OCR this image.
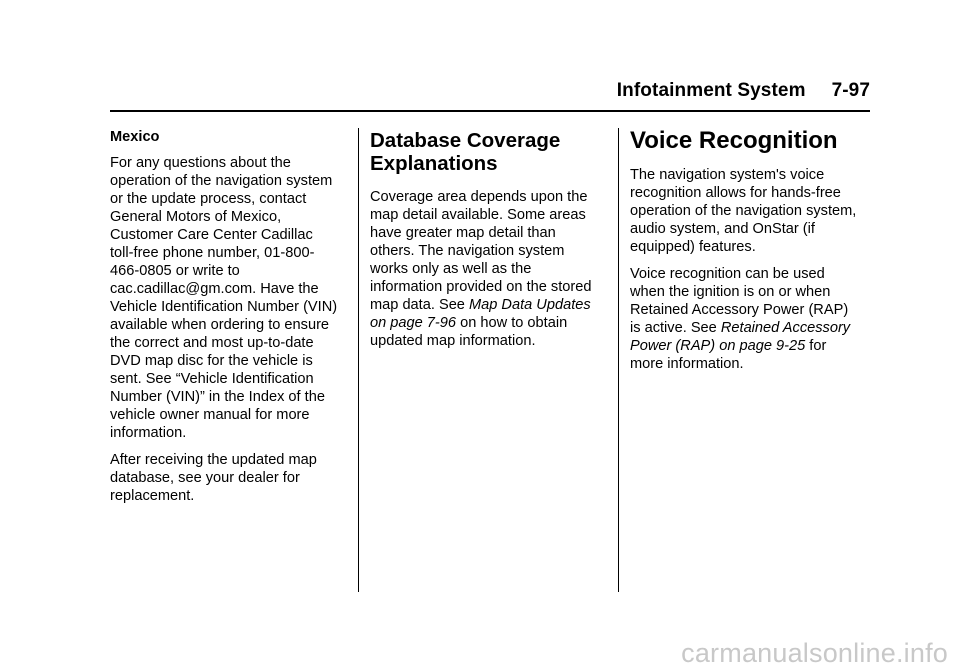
Infotainment System 7-97

Mexico

For any questions about the operation of the navigation system or the update process, contact General Motors of Mexico, Customer Care Center Cadillac toll-free phone number, 01-800-466-0805 or write to cac.cadillac@gm.com. Have the Vehicle Identification Number (VIN) available when ordering to ensure the correct and most up-to-date DVD map disc for the vehicle is sent. See “Vehicle Identification Number (VIN)” in the Index of the vehicle owner manual for more information.

After receiving the updated map database, see your dealer for replacement.

Database Coverage Explanations

Coverage area depends upon the map detail available. Some areas have greater map detail than others. The navigation system works only as well as the information provided on the stored map data. See Map Data Updates on page 7-96 on how to obtain updated map information.

Voice Recognition

The navigation system's voice recognition allows for hands-free operation of the navigation system, audio system, and OnStar (if equipped) features.

Voice recognition can be used when the ignition is on or when Retained Accessory Power (RAP) is active. See Retained Accessory Power (RAP) on page 9-25 for more information.

carmanualsonline.info
